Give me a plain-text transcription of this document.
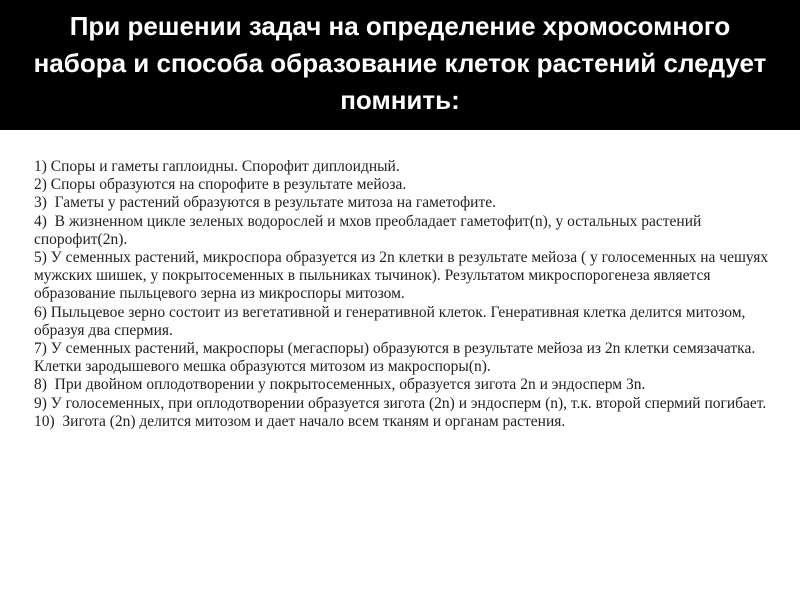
При решении задач на определение хромосомного набора и способа образование клеток растений следует помнить:
1) Споры и гаметы гаплоидны. Спорофит диплоидный.
2) Споры образуются на спорофите в результате мейоза.
3)  Гаметы у растений образуются в результате митоза на гаметофите.
4)  В жизненном цикле зеленых водорослей и мхов преобладает гаметофит(n), у остальных растений спорофит(2n).
5) У семенных растений, микроспора образуется из 2n клетки в результате мейоза ( у голосеменных на чешуях мужских шишек, у покрытосеменных в пыльниках тычинок). Результатом микроспорогенеза является образование пыльцевого зерна из микроспоры митозом.
6) Пыльцевое зерно состоит из вегетативной и генеративной клеток. Генеративная клетка делится митозом, образуя два спермия.
7) У семенных растений, макроспоры (мегаспоры) образуются в результате мейоза из 2n клетки семязачатка. Клетки зародышевого мешка образуются митозом из макроспоры(n).
8)  При двойном оплодотворении у покрытосеменных, образуется зигота 2n и эндосперм 3n.
9) У голосеменных, при оплодотворении образуется зигота (2n) и эндосперм (n), т.к. второй спермий погибает.
10)  Зигота (2n) делится митозом и дает начало всем тканям и органам растения.
